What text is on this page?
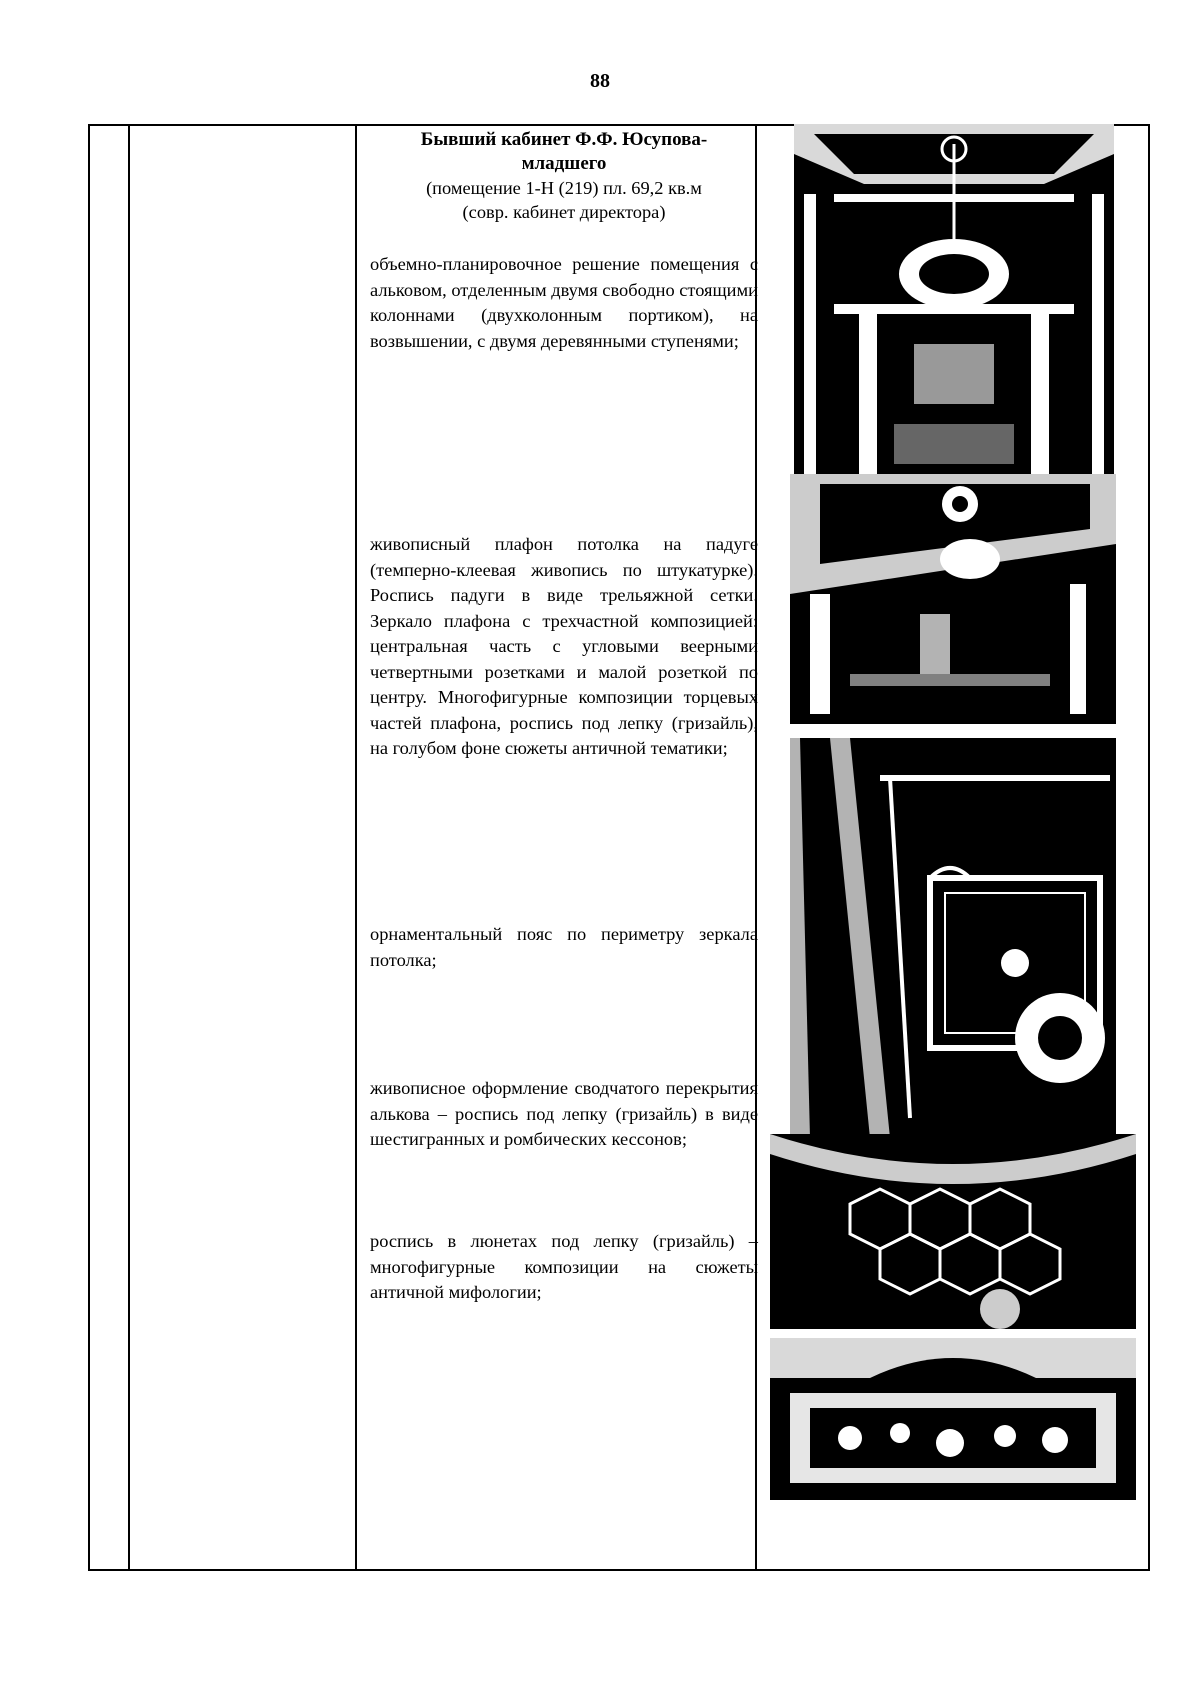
88
Бывший кабинет Ф.Ф. Юсупова-
младшего
(помещение 1-Н (219) пл. 69,2 кв.м
(совр. кабинет директора)
объемно-планировочное решение помещения с альковом, отделенным двумя свободно стоящими колоннами (двухколонным портиком), на возвышении, с двумя деревянными ступенями;
живописный плафон потолка на падуге (темперно-клеевая живопись по штукатурке). Роспись падуги в виде трельяжной сетки. Зеркало плафона с трехчастной композицией: центральная часть с угловыми веерными четвертными розетками и малой розеткой по центру. Многофигурные композиции торцевых частей плафона, роспись под лепку (гризайль), на голубом фоне сюжеты античной тематики;
орнаментальный пояс по периметру зеркала потолка;
живописное оформление сводчатого перекрытия алькова – роспись под лепку (гризайль) в виде шестигранных и ромбических кессонов;
роспись в люнетах под лепку (гризайль) – многофигурные композиции на сюжеты античной мифологии;
